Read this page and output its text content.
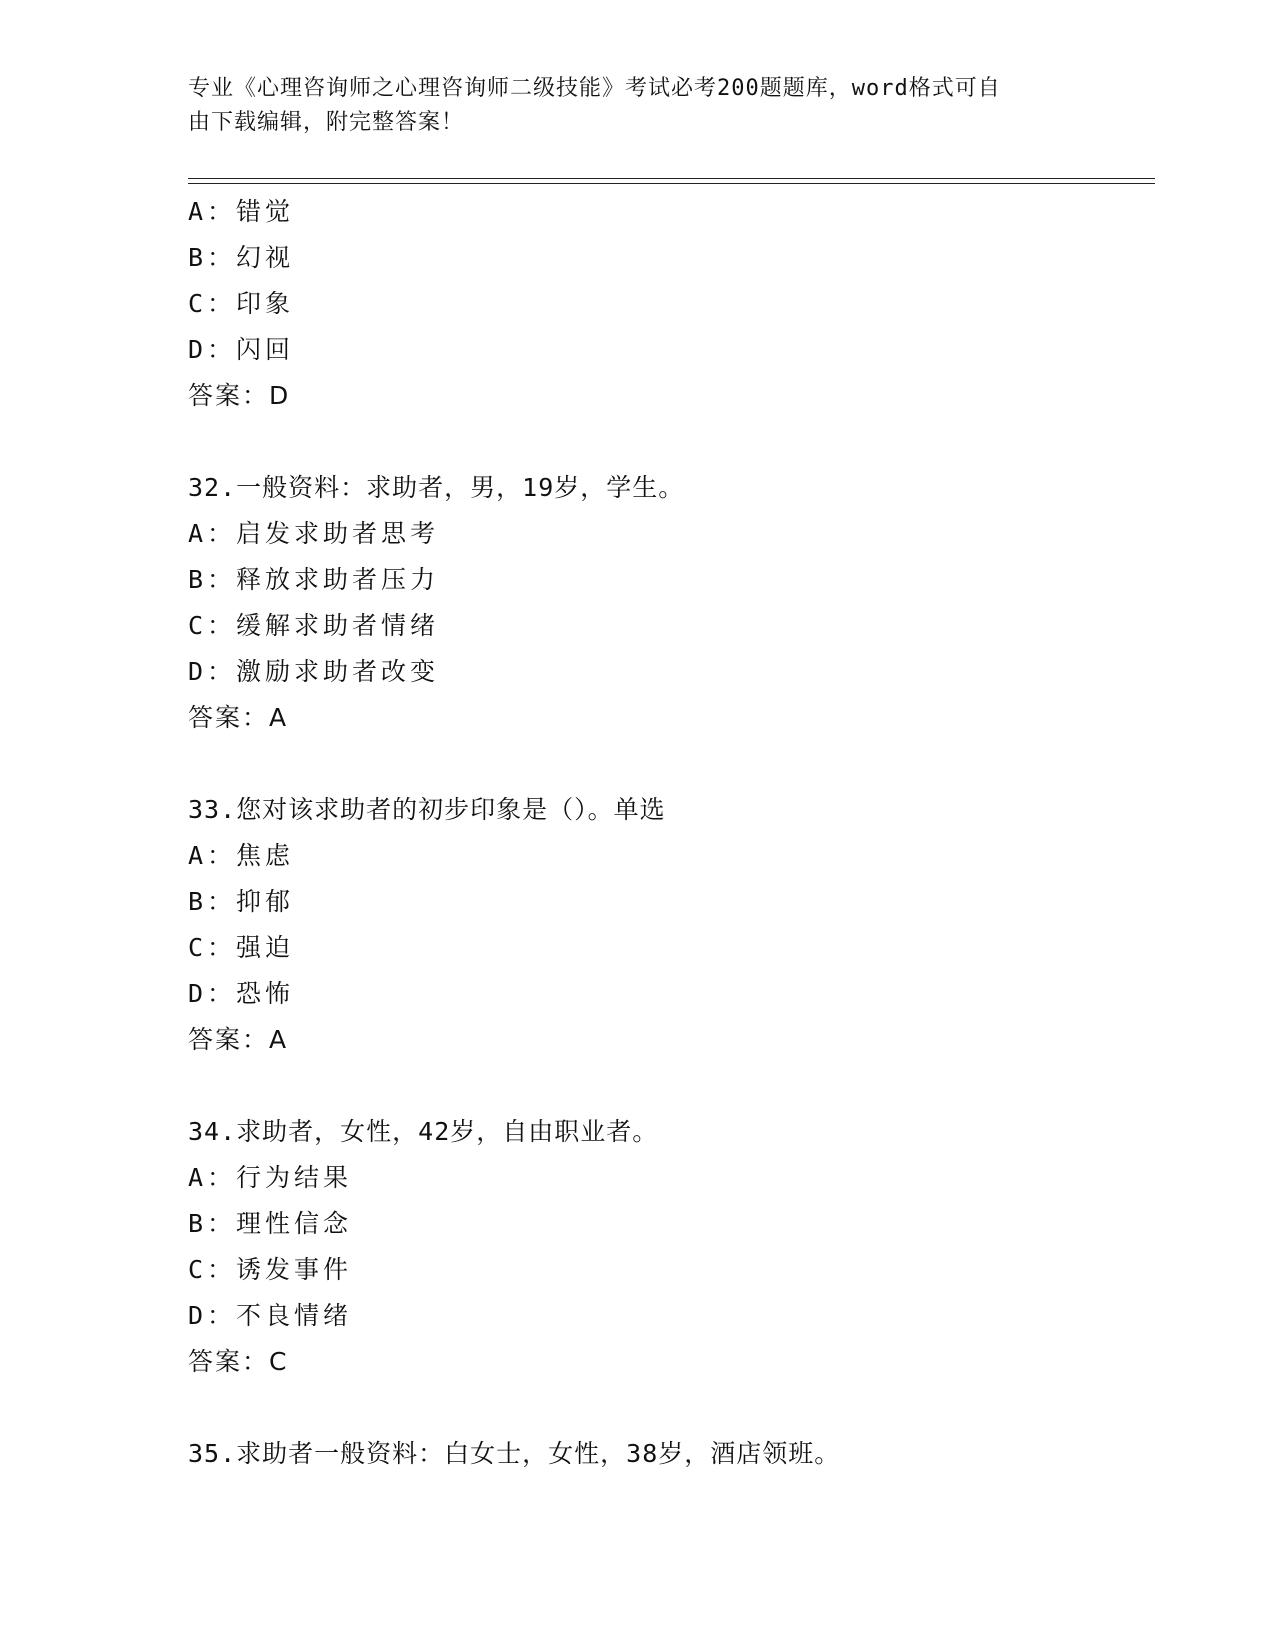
专业《心理咨询师之心理咨询师二级技能》考试必考200题题库，word格式可自
由下载编辑，附完整答案！
A：错觉
B：幻视
C：印象
D：闪回
答案：D
32.一般资料：求助者，男，19岁，学生。
A：启发求助者思考
B：释放求助者压力
C：缓解求助者情绪
D：激励求助者改变
答案：A
33.您对该求助者的初步印象是（）。单选
A：焦虑
B：抑郁
C：强迫
D：恐怖
答案：A
34.求助者，女性，42岁，自由职业者。
A：行为结果
B：理性信念
C：诱发事件
D：不良情绪
答案：C
35.求助者一般资料：白女士，女性，38岁，酒店领班。
